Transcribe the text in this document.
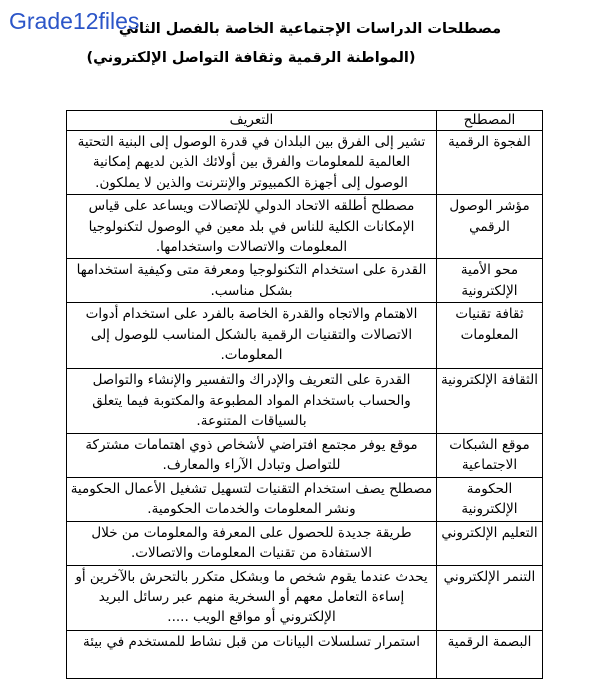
Grade12files
مصطلحات الدراسات الإجتماعية الخاصة بالفصل الثاني
(المواطنة الرقمية وثقافة التواصل الإلكتروني)
المصطلح	التعريف
الفجوة الرقمية	تشير إلى الفرق بين البلدان في قدرة الوصول إلى البنية التحتية العالمية للمعلومات والفرق بين أولائك الذين لديهم إمكانية الوصول إلى أجهزة الكمبيوتر والإنترنت والذين لا يملكون.
مؤشر الوصول الرقمي	مصطلح أطلقه الاتحاد الدولي للإتصالات ويساعد على قياس الإمكانات الكلية للناس في بلد معين في الوصول لتكنولوجيا المعلومات والاتصالات واستخدامها.
محو الأمية الإلكترونية	القدرة على استخدام التكنولوجيا ومعرفة متى وكيفية استخدامها بشكل مناسب.
ثقافة تقنيات المعلومات	الاهتمام والاتجاه والقدرة الخاصة بالفرد على استخدام أدوات الاتصالات والتقنيات الرقمية بالشكل المناسب للوصول إلى المعلومات.
الثقافة الإلكترونية	القدرة على التعريف والإدراك والتفسير والإنشاء والتواصل والحساب باستخدام المواد المطبوعة والمكتوبة فيما يتعلق بالسياقات المتنوعة.
موقع الشبكات الاجتماعية	موقع يوفر مجتمع افتراضي لأشخاص ذوي اهتمامات مشتركة للتواصل وتبادل الآراء والمعارف.
الحكومة الإلكترونية	مصطلح يصف استخدام التقنيات لتسهيل تشغيل الأعمال الحكومية ونشر المعلومات والخدمات الحكومية.
التعليم الإلكتروني	طريقة جديدة للحصول على المعرفة والمعلومات من خلال الاستفادة من تقنيات المعلومات والاتصالات.
التنمر الإلكتروني	يحدث عندما يقوم شخص ما وبشكل متكرر بالتحرش بالآخرين أو إساءة التعامل معهم أو السخرية منهم عبر رسائل البريد الإلكتروني أو مواقع الويب .....
البصمة الرقمية	استمرار تسلسلات البيانات من قبل نشاط للمستخدم في بيئة
